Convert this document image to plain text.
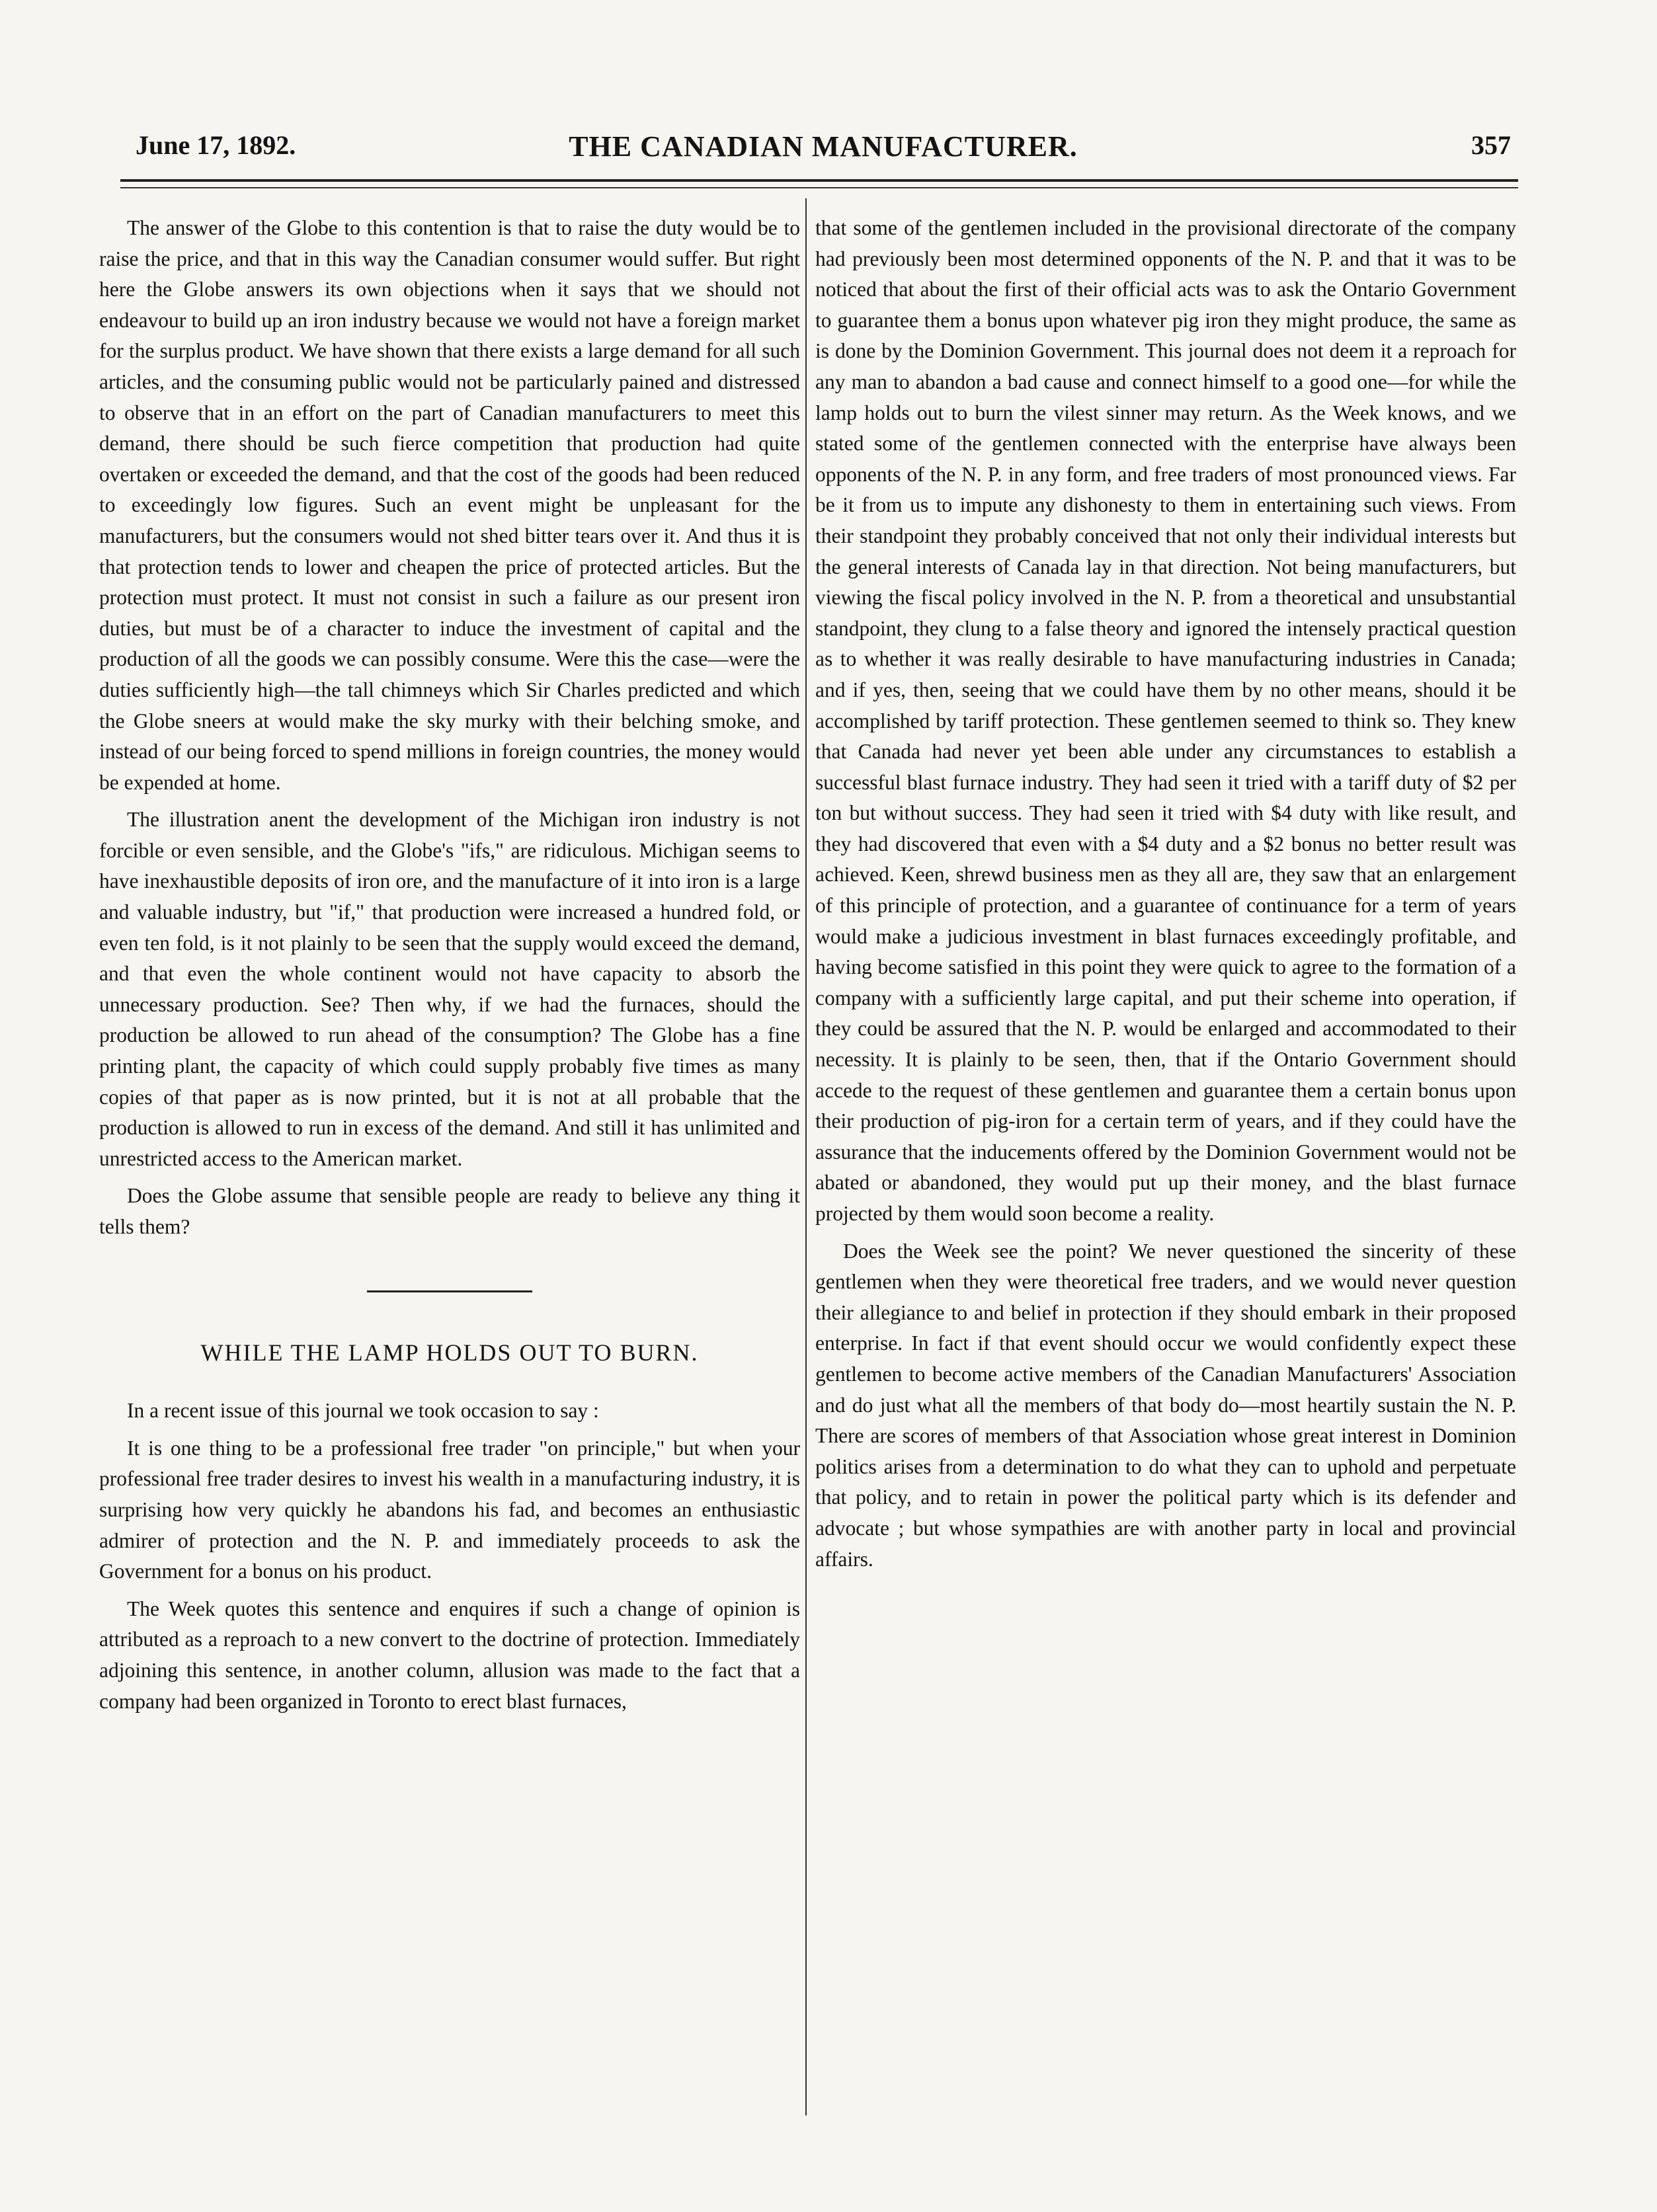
June 17, 1892.	THE CANADIAN MANUFACTURER.	357

The answer of the Globe to this contention is that to raise the duty would be to raise the price, and that in this way the Canadian consumer would suffer. But right here the Globe answers its own objections when it says that we should not endeavour to build up an iron industry because we would not have a foreign market for the surplus product. We have shown that there exists a large demand for all such articles, and the consuming public would not be particularly pained and distressed to observe that in an effort on the part of Canadian manufacturers to meet this demand, there should be such fierce competition that production had quite overtaken or exceeded the demand, and that the cost of the goods had been reduced to exceedingly low figures. Such an event might be unpleasant for the manufacturers, but the consumers would not shed bitter tears over it. And thus it is that protection tends to lower and cheapen the price of protected articles. But the protection must protect. It must not consist in such a failure as our present iron duties, but must be of a character to induce the investment of capital and the production of all the goods we can possibly consume. Were this the case—were the duties sufficiently high—the tall chimneys which Sir Charles predicted and which the Globe sneers at would make the sky murky with their belching smoke, and instead of our being forced to spend millions in foreign countries, the money would be expended at home.

The illustration anent the development of the Michigan iron industry is not forcible or even sensible, and the Globe's "ifs," are ridiculous. Michigan seems to have inexhaustible deposits of iron ore, and the manufacture of it into iron is a large and valuable industry, but "if," that production were increased a hundred fold, or even ten fold, is it not plainly to be seen that the supply would exceed the demand, and that even the whole continent would not have capacity to absorb the unnecessary production. See? Then why, if we had the furnaces, should the production be allowed to run ahead of the consumption? The Globe has a fine printing plant, the capacity of which could supply probably five times as many copies of that paper as is now printed, but it is not at all probable that the production is allowed to run in excess of the demand. And still it has unlimited and unrestricted access to the American market.

Does the Globe assume that sensible people are ready to believe any thing it tells them?

WHILE THE LAMP HOLDS OUT TO BURN.

In a recent issue of this journal we took occasion to say :

It is one thing to be a professional free trader "on principle," but when your professional free trader desires to invest his wealth in a manufacturing industry, it is surprising how very quickly he abandons his fad, and becomes an enthusiastic admirer of protection and the N. P. and immediately proceeds to ask the Government for a bonus on his product.

The Week quotes this sentence and enquires if such a change of opinion is attributed as a reproach to a new convert to the doctrine of protection. Immediately adjoining this sentence, in another column, allusion was made to the fact that a company had been organized in Toronto to erect blast furnaces,

that some of the gentlemen included in the provisional directorate of the company had previously been most determined opponents of the N. P. and that it was to be noticed that about the first of their official acts was to ask the Ontario Government to guarantee them a bonus upon whatever pig iron they might produce, the same as is done by the Dominion Government. This journal does not deem it a reproach for any man to abandon a bad cause and connect himself to a good one—for while the lamp holds out to burn the vilest sinner may return. As the Week knows, and we stated some of the gentlemen connected with the enterprise have always been opponents of the N. P. in any form, and free traders of most pronounced views. Far be it from us to impute any dishonesty to them in entertaining such views. From their standpoint they probably conceived that not only their individual interests but the general interests of Canada lay in that direction. Not being manufacturers, but viewing the fiscal policy involved in the N. P. from a theoretical and unsubstantial standpoint, they clung to a false theory and ignored the intensely practical question as to whether it was really desirable to have manufacturing industries in Canada; and if yes, then, seeing that we could have them by no other means, should it be accomplished by tariff protection. These gentlemen seemed to think so. They knew that Canada had never yet been able under any circumstances to establish a successful blast furnace industry. They had seen it tried with a tariff duty of $2 per ton but without success. They had seen it tried with $4 duty with like result, and they had discovered that even with a $4 duty and a $2 bonus no better result was achieved. Keen, shrewd business men as they all are, they saw that an enlargement of this principle of protection, and a guarantee of continuance for a term of years would make a judicious investment in blast furnaces exceedingly profitable, and having become satisfied in this point they were quick to agree to the formation of a company with a sufficiently large capital, and put their scheme into operation, if they could be assured that the N. P. would be enlarged and accommodated to their necessity. It is plainly to be seen, then, that if the Ontario Government should accede to the request of these gentlemen and guarantee them a certain bonus upon their production of pig-iron for a certain term of years, and if they could have the assurance that the inducements offered by the Dominion Government would not be abated or abandoned, they would put up their money, and the blast furnace projected by them would soon become a reality.

Does the Week see the point? We never questioned the sincerity of these gentlemen when they were theoretical free traders, and we would never question their allegiance to and belief in protection if they should embark in their proposed enterprise. In fact if that event should occur we would confidently expect these gentlemen to become active members of the Canadian Manufacturers' Association and do just what all the members of that body do—most heartily sustain the N. P. There are scores of members of that Association whose great interest in Dominion politics arises from a determination to do what they can to uphold and perpetuate that policy, and to retain in power the political party which is its defender and advocate ; but whose sympathies are with another party in local and provincial affairs.
